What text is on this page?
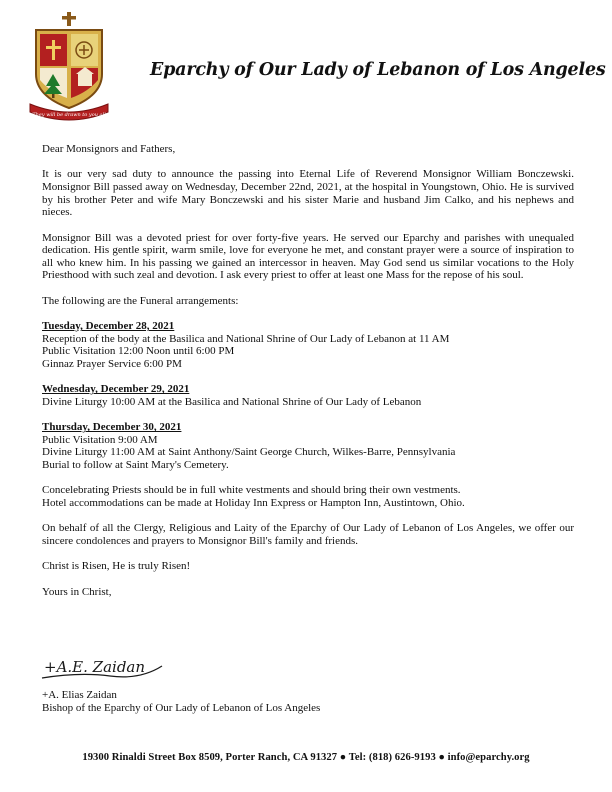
They will be drawn to you all
Eparchy of Our Lady of Lebanon of Los Angeles

Dear Monsignors and Fathers,

It is our very sad duty to announce the passing into Eternal Life of Reverend Monsignor William Bonczewski. Monsignor Bill passed away on Wednesday, December 22nd, 2021, at the hospital in Youngstown, Ohio. He is survived by his brother Peter and wife Mary Bonczewski and his sister Marie and husband Jim Calko, and his nephews and nieces.

Monsignor Bill was a devoted priest for over forty-five years. He served our Eparchy and parishes with unequaled dedication. His gentle spirit, warm smile, love for everyone he met, and constant prayer were a source of inspiration to all who knew him. In his passing we gained an intercessor in heaven. May God send us similar vocations to the Holy Priesthood with such zeal and devotion. I ask every priest to offer at least one Mass for the repose of his soul.

The following are the Funeral arrangements:

Tuesday, December 28, 2021

Reception of the body at the Basilica and National Shrine of Our Lady of Lebanon at 11 AM

Public Visitation 12:00 Noon until 6:00 PM

Ginnaz Prayer Service 6:00 PM

Wednesday, December 29, 2021

Divine Liturgy 10:00 AM at the Basilica and National Shrine of Our Lady of Lebanon

Thursday, December 30, 2021

Public Visitation 9:00 AM

Divine Liturgy 11:00 AM at Saint Anthony/Saint George Church, Wilkes-Barre, Pennsylvania

Burial to follow at Saint Mary's Cemetery.

Concelebrating Priests should be in full white vestments and should bring their own vestments.

Hotel accommodations can be made at Holiday Inn Express or Hampton Inn, Austintown, Ohio.

On behalf of all the Clergy, Religious and Laity of the Eparchy of Our Lady of Lebanon of Los Angeles, we offer our sincere condolences and prayers to Monsignor Bill's family and friends.

Christ is Risen, He is truly Risen!

Yours in Christ,

+A.E. Zaidan
+A. Elias Zaidan
Bishop of the Eparchy of Our Lady of Lebanon of Los Angeles
19300 Rinaldi Street Box 8509, Porter Ranch, CA 91327 ● Tel: (818) 626-9193 ● info@eparchy.org
